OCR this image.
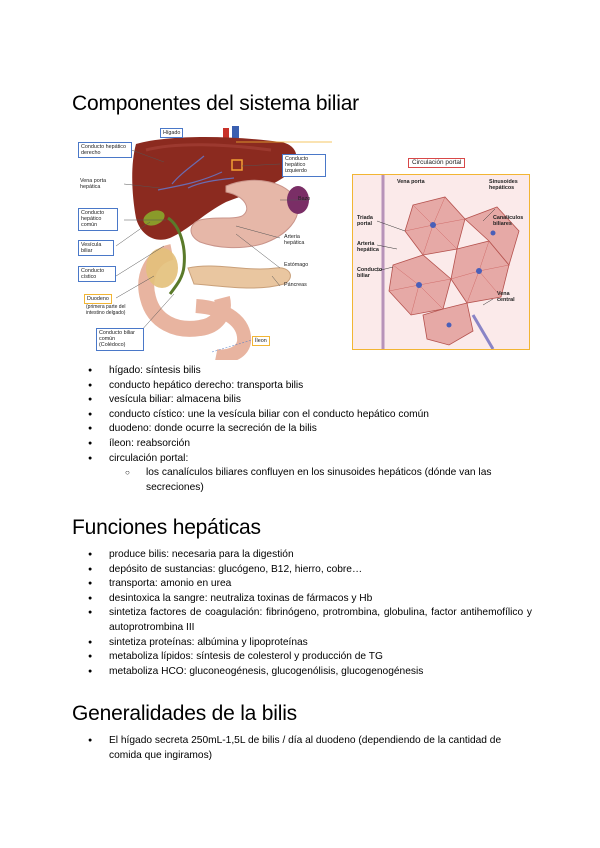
Componentes del sistema biliar
Hígado
Conducto hepático derecho
Vena porta hepática
Conducto hepático común
Vesícula biliar
Conducto cístico
Duodeno
(primera parte del intestino delgado)
Conducto biliar común (Colédoco)
Conducto hepático izquierdo
Bazo
Arteria hepática
Estómago
Páncreas
Íleon
Circulación portal
Vena porta	Sinusoides hepáticos
Triada portal
Canalículos biliares
Arteria hepática
Conducto biliar
Vena central
● hígado: síntesis bilis
● conducto hepático derecho: transporta bilis
● vesícula biliar: almacena bilis
● conducto cístico: une la vesícula biliar con el conducto hepático común
● duodeno: donde ocurre la secreción de la bilis
● íleon: reabsorción
● circulación portal:
○ los canalículos biliares confluyen en los sinusoides hepáticos (dónde van las secreciones)
Funciones hepáticas
● produce bilis: necesaria para la digestión
● depósito de sustancias: glucógeno, B12, hierro, cobre…
● transporta: amonio en urea
● desintoxica la sangre: neutraliza toxinas de fármacos y Hb
● sintetiza factores de coagulación: fibrinógeno, protrombina, globulina, factor antihemofílico y autoprotrombina III
● sintetiza proteínas: albúmina y lipoproteínas
● metaboliza lípidos: síntesis de colesterol y producción de TG
● metaboliza HCO: gluconeogénesis, glucogenólisis, glucogenogénesis
Generalidades de la bilis
● El hígado secreta 250mL-1,5L de bilis / día al duodeno (dependiendo de la cantidad de comida que ingiramos)
